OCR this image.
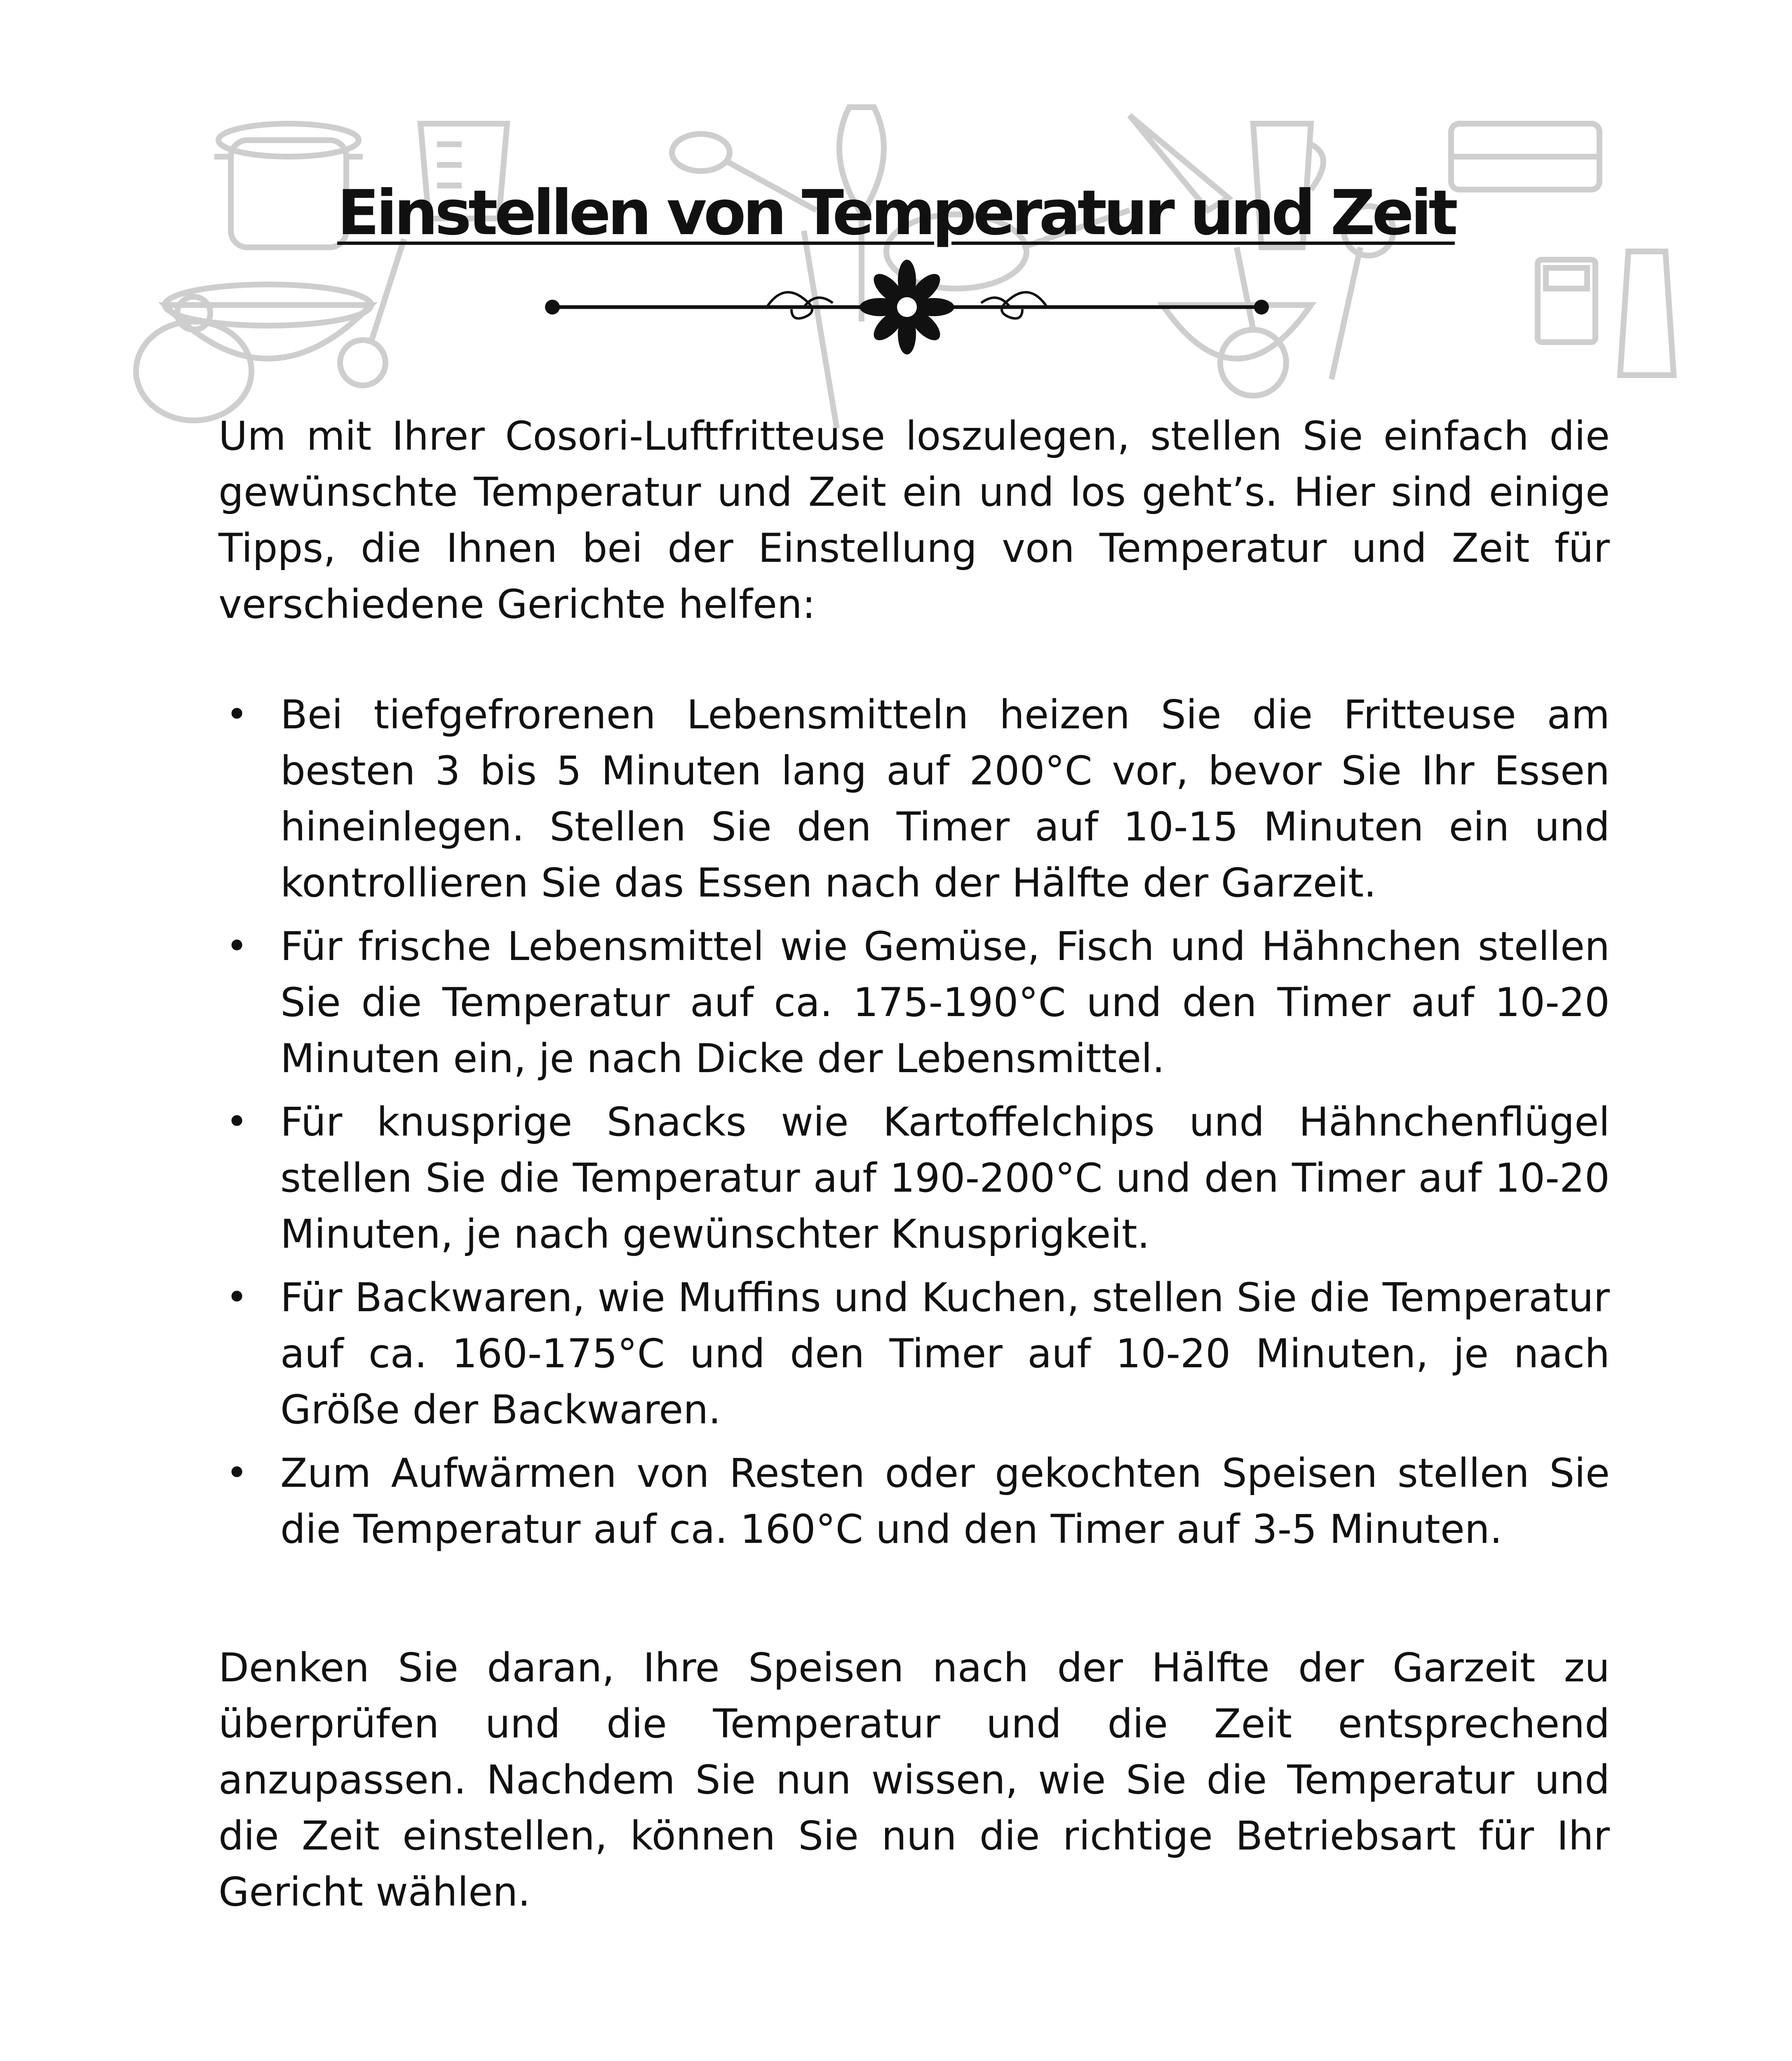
Einstellen von Temperatur und Zeit

Um mit Ihrer Cosori-Luftfritteuse loszulegen, stellen Sie einfach die gewünschte Temperatur und Zeit ein und los geht’s. Hier sind einige Tipps, die Ihnen bei der Einstellung von Temperatur und Zeit für verschiedene Gerichte helfen:

• Bei tiefgefrorenen Lebensmitteln heizen Sie die Fritteuse am besten 3 bis 5 Minuten lang auf 200°C vor, bevor Sie Ihr Essen hineinlegen. Stellen Sie den Timer auf 10-15 Minuten ein und kontrollieren Sie das Essen nach der Hälfte der Garzeit.
• Für frische Lebensmittel wie Gemüse, Fisch und Hähnchen stellen Sie die Temperatur auf ca. 175-190°C und den Timer auf 10-20 Minuten ein, je nach Dicke der Lebensmittel.
• Für knusprige Snacks wie Kartoffelchips und Hähnchenflügel stellen Sie die Temperatur auf 190-200°C und den Timer auf 10-20 Minuten, je nach gewünschter Knusprigkeit.
• Für Backwaren, wie Muffins und Kuchen, stellen Sie die Temperatur auf ca. 160-175°C und den Timer auf 10-20 Minuten, je nach Größe der Backwaren.
• Zum Aufwärmen von Resten oder gekochten Speisen stellen Sie die Temperatur auf ca. 160°C und den Timer auf 3-5 Minuten.

Denken Sie daran, Ihre Speisen nach der Hälfte der Garzeit zu überprüfen und die Temperatur und die Zeit entsprechend anzupassen. Nachdem Sie nun wissen, wie Sie die Temperatur und die Zeit einstellen, können Sie nun die richtige Betriebsart für Ihr Gericht wählen.
